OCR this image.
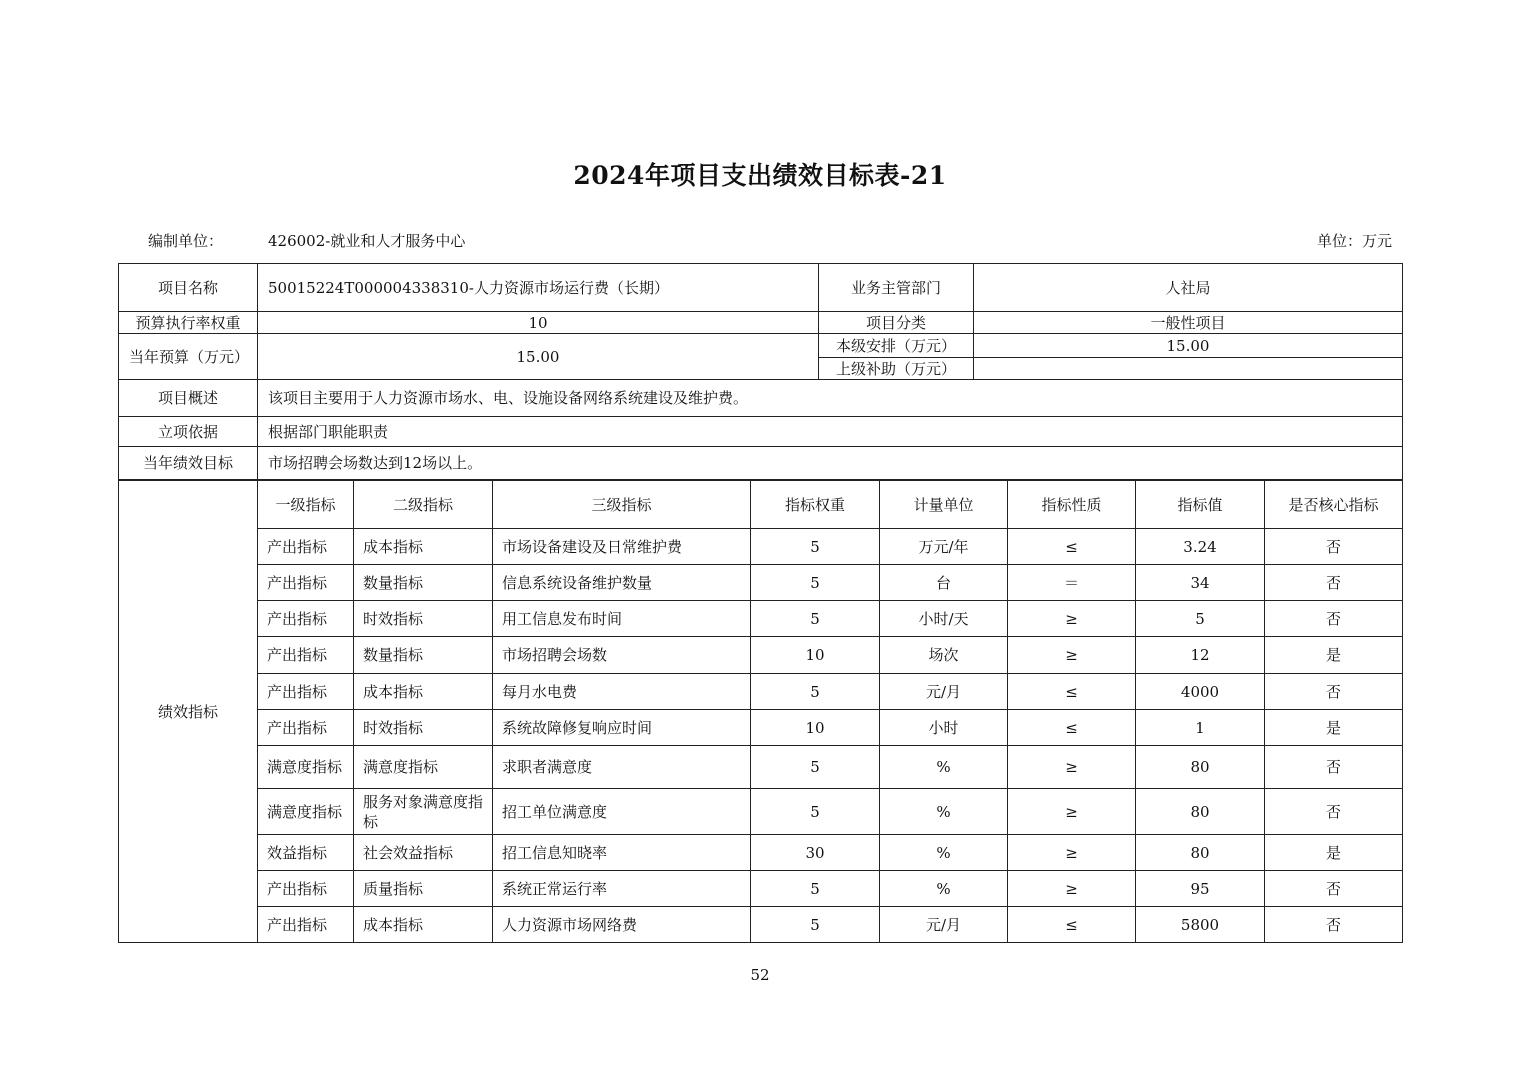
2024年项目支出绩效目标表-21
编制单位：	426002-就业和人才服务中心	单位：万元
项目名称	50015224T000004338310-人力资源市场运行费（长期）	业务主管部门	人社局
预算执行率权重	10	项目分类	一般性项目
当年预算（万元）	15.00	本级安排（万元）	15.00
		上级补助（万元）	
项目概述	该项目主要用于人力资源市场水、电、设施设备网络系统建设及维护费。		
立项依据	根据部门职能职责		
当年绩效目标	市场招聘会场数达到12场以上。		
绩效指标	一级指标	二级指标	三级指标	指标权重	计量单位	指标性质	指标值	是否核心指标
	产出指标	成本指标	市场设备建设及日常维护费	5	万元/年	≤	3.24	否
	产出指标	数量指标	信息系统设备维护数量	5	台	＝	34	否
	产出指标	时效指标	用工信息发布时间	5	小时/天	≥	5	否
	产出指标	数量指标	市场招聘会场数	10	场次	≥	12	是
	产出指标	成本指标	每月水电费	5	元/月	≤	4000	否
	产出指标	时效指标	系统故障修复响应时间	10	小时	≤	1	是
	满意度指标	满意度指标	求职者满意度	5	%	≥	80	否
	满意度指标	服务对象满意度指标	招工单位满意度	5	%	≥	80	否
	效益指标	社会效益指标	招工信息知晓率	30	%	≥	80	是
	产出指标	质量指标	系统正常运行率	5	%	≥	95	否
	产出指标	成本指标	人力资源市场网络费	5	元/月	≤	5800	否
52
